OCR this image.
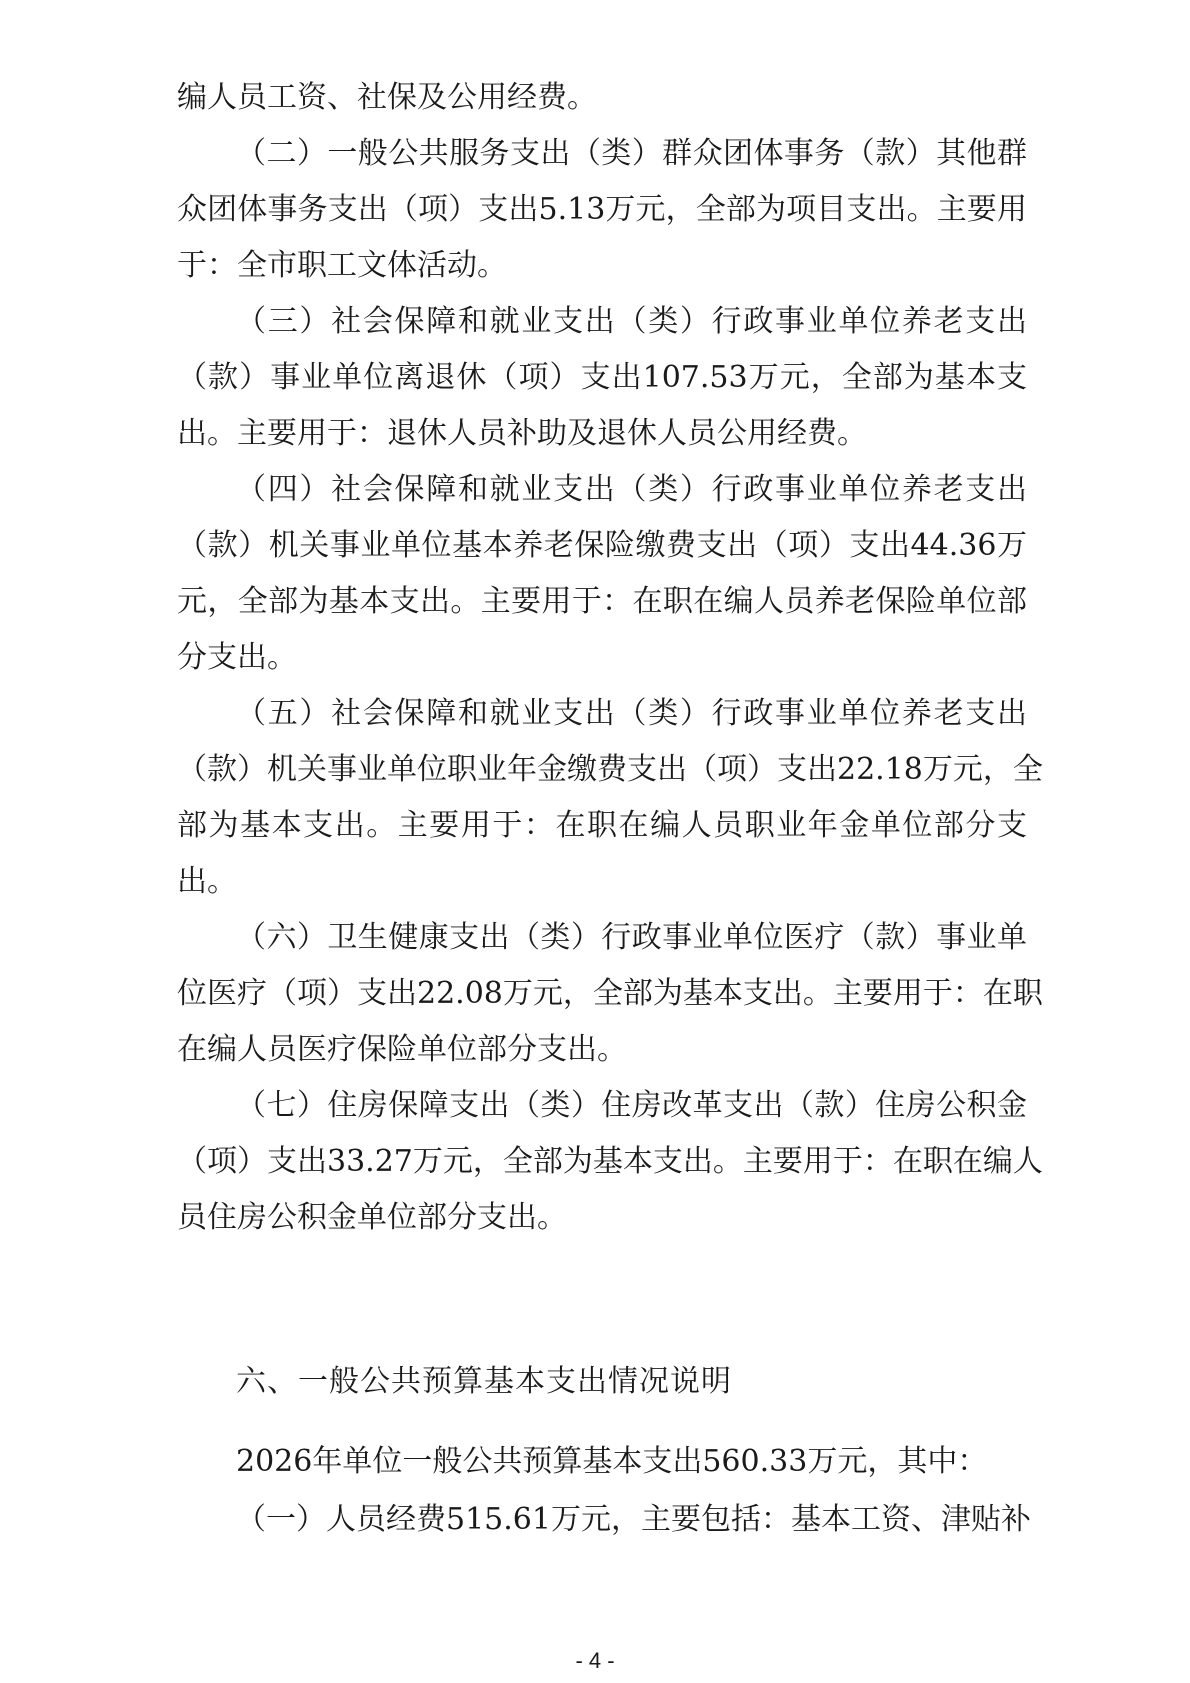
编人员工资、社保及公用经费。
（二）一般公共服务支出（类）群众团体事务（款）其他群
众团体事务支出（项）支出5.13万元，全部为项目支出。主要用
于：全市职工文体活动。
（三）社会保障和就业支出（类）行政事业单位养老支出
（款）事业单位离退休（项）支出107.53万元，全部为基本支
出。主要用于：退休人员补助及退休人员公用经费。
（四）社会保障和就业支出（类）行政事业单位养老支出
（款）机关事业单位基本养老保险缴费支出（项）支出44.36万
元，全部为基本支出。主要用于：在职在编人员养老保险单位部
分支出。
（五）社会保障和就业支出（类）行政事业单位养老支出
（款）机关事业单位职业年金缴费支出（项）支出22.18万元，全
部为基本支出。主要用于：在职在编人员职业年金单位部分支
出。
（六）卫生健康支出（类）行政事业单位医疗（款）事业单
位医疗（项）支出22.08万元，全部为基本支出。主要用于：在职
在编人员医疗保险单位部分支出。
（七）住房保障支出（类）住房改革支出（款）住房公积金
（项）支出33.27万元，全部为基本支出。主要用于：在职在编人
员住房公积金单位部分支出。
六、一般公共预算基本支出情况说明
2026年单位一般公共预算基本支出560.33万元，其中：
（一）人员经费515.61万元，主要包括：基本工资、津贴补
- 4 -
